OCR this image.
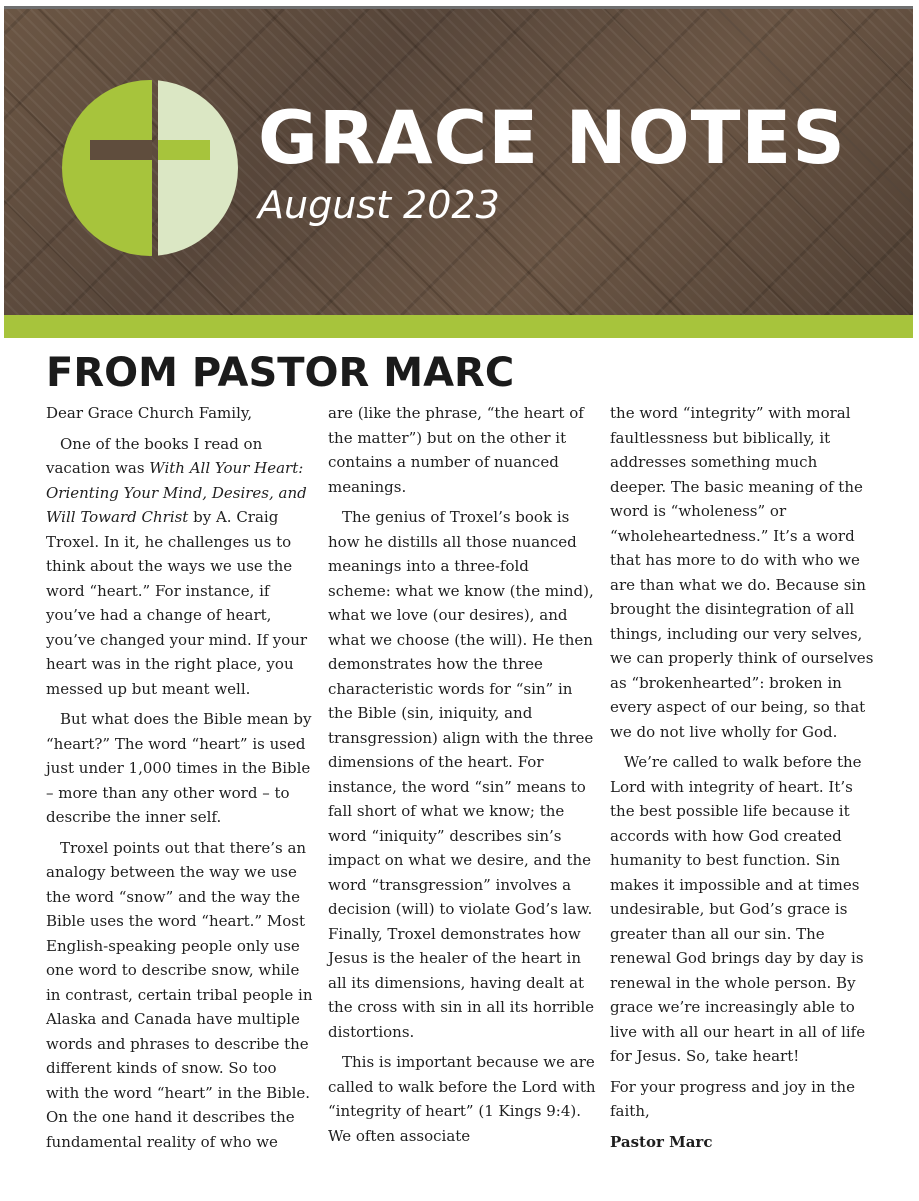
GRACE NOTES
August 2023
FROM PASTOR MARC

Dear Grace Church Family,

One of the books I read on vacation was With All Your Heart: Orienting Your Mind, Desires, and Will Toward Christ by A. Craig Troxel. In it, he challenges us to think about the ways we use the word “heart.” For instance, if you’ve had a change of heart, you’ve changed your mind. If your heart was in the right place, you messed up but meant well.

But what does the Bible mean by “heart?” The word “heart” is used just under 1,000 times in the Bible – more than any other word – to describe the inner self.

Troxel points out that there’s an analogy between the way we use the word “snow” and the way the Bible uses the word “heart.” Most English-speaking people only use one word to describe snow, while in contrast, certain tribal people in Alaska and Canada have multiple words and phrases to describe the different kinds of snow. So too with the word “heart” in the Bible. On the one hand it describes the fundamental reality of who we

are (like the phrase, “the heart of the matter”) but on the other it contains a number of nuanced meanings.

The genius of Troxel’s book is how he distills all those nuanced meanings into a three-fold scheme: what we know (the mind), what we love (our desires), and what we choose (the will). He then demonstrates how the three characteristic words for “sin” in the Bible (sin, iniquity, and transgression) align with the three dimensions of the heart. For instance, the word “sin” means to fall short of what we know; the word “iniquity” describes sin’s impact on what we desire, and the word “transgression” involves a decision (will) to violate God’s law. Finally, Troxel demonstrates how Jesus is the healer of the heart in all its dimensions, having dealt at the cross with sin in all its horrible distortions.

This is important because we are called to walk before the Lord with “integrity of heart” (1 Kings 9:4). We often associate

the word “integrity” with moral faultlessness but biblically, it addresses something much deeper. The basic meaning of the word is “wholeness” or “wholeheartedness.” It’s a word that has more to do with who we are than what we do. Because sin brought the disintegration of all things, including our very selves, we can properly think of ourselves as “brokenhearted”: broken in every aspect of our being, so that we do not live wholly for God.

We’re called to walk before the Lord with integrity of heart. It’s the best possible life because it accords with how God created humanity to best function. Sin makes it impossible and at times undesirable, but God’s grace is greater than all our sin. The renewal God brings day by day is renewal in the whole person. By grace we’re increasingly able to live with all our heart in all of life for Jesus. So, take heart!

For your progress and joy in the faith,

Pastor Marc
